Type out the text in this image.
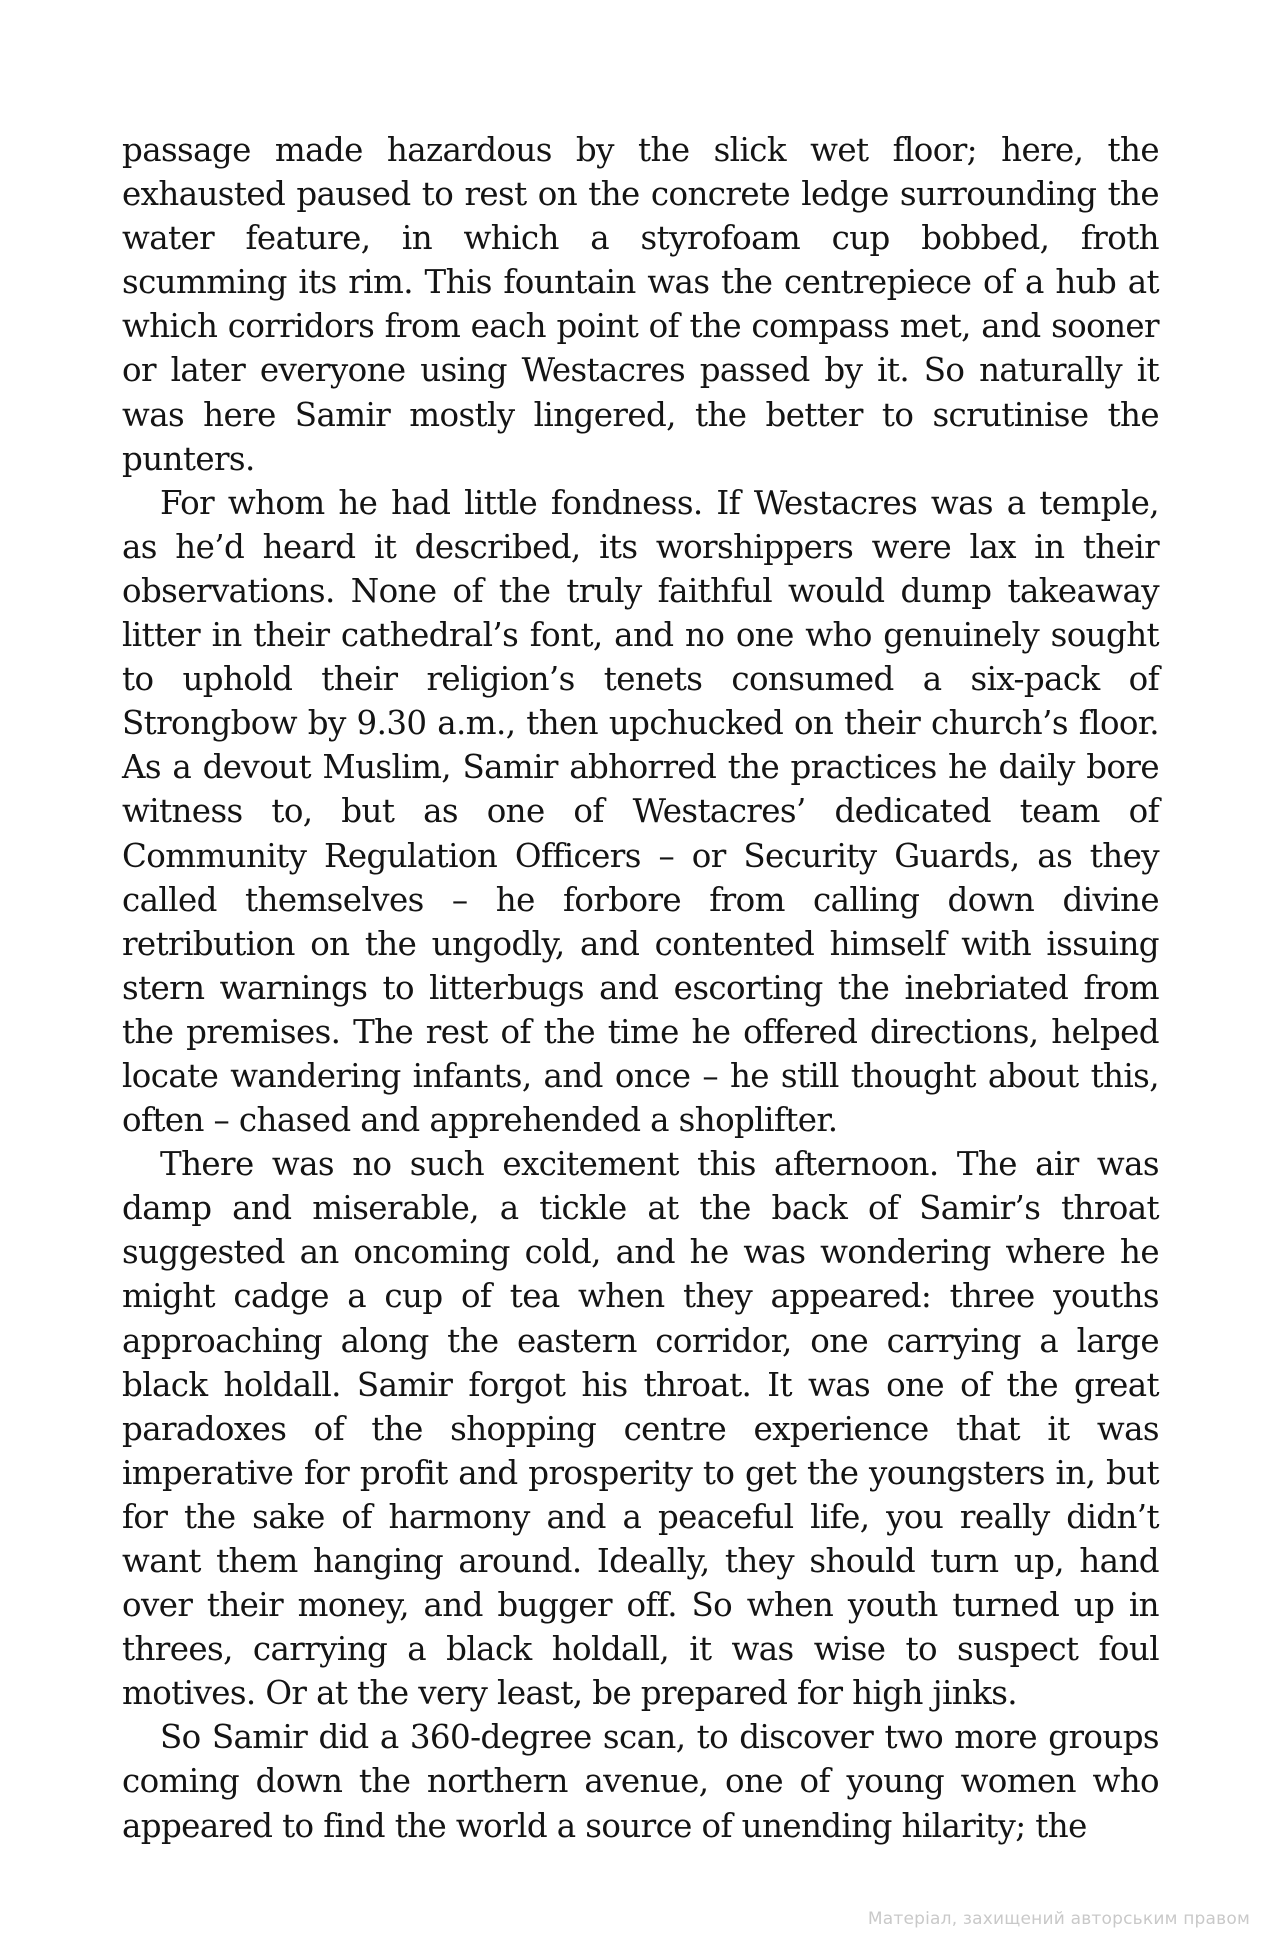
passage made hazardous by the slick wet floor; here, the exhausted paused to rest on the concrete ledge surrounding the water feature, in which a styrofoam cup bobbed, froth scumming its rim. This fountain was the centrepiece of a hub at which corridors from each point of the compass met, and sooner or later everyone using Westacres passed by it. So naturally it was here Samir mostly lingered, the better to scrutinise the punters.

For whom he had little fondness. If Westacres was a temple, as he’d heard it described, its worshippers were lax in their observations. None of the truly faithful would dump takeaway litter in their cathedral’s font, and no one who genuinely sought to uphold their religion’s tenets consumed a six-pack of Strongbow by 9.30 a.m., then upchucked on their church’s floor. As a devout Muslim, Samir abhorred the practices he daily bore witness to, but as one of Westacres’ dedicated team of Community Regulation Officers – or Security Guards, as they called themselves – he forbore from calling down divine retribution on the ungodly, and contented himself with issuing stern warnings to litterbugs and escorting the inebriated from the premises. The rest of the time he offered directions, helped locate wandering infants, and once – he still thought about this, often – chased and apprehended a shoplifter.

There was no such excitement this afternoon. The air was damp and miserable, a tickle at the back of Samir’s throat suggested an oncoming cold, and he was wondering where he might cadge a cup of tea when they appeared: three youths approaching along the eastern corridor, one carrying a large black holdall. Samir forgot his throat. It was one of the great paradoxes of the shopping centre experience that it was imperative for profit and prosperity to get the youngsters in, but for the sake of harmony and a peaceful life, you really didn’t want them hanging around. Ideally, they should turn up, hand over their money, and bugger off. So when youth turned up in threes, carrying a black holdall, it was wise to suspect foul motives. Or at the very least, be prepared for high jinks.

So Samir did a 360-degree scan, to discover two more groups coming down the northern avenue, one of young women who appeared to find the world a source of unending hilarity; the

Матеріал, захищений авторським правом
